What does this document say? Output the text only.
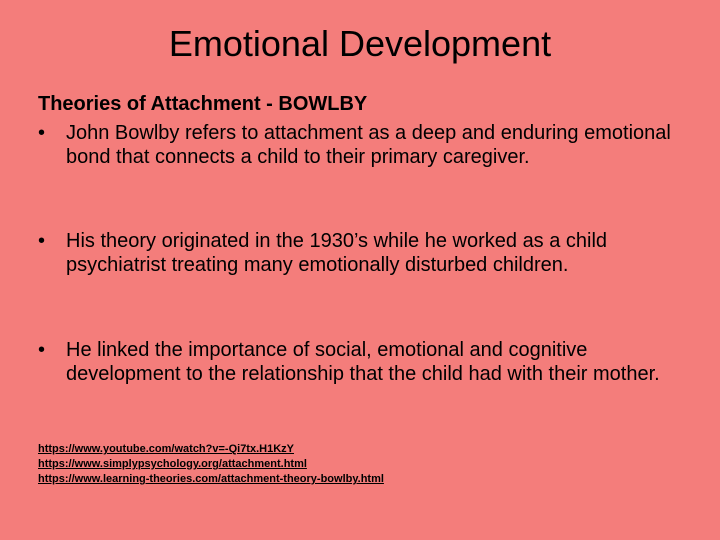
Emotional Development
Theories of Attachment - BOWLBY
• John Bowlby refers to attachment as a deep and enduring emotional bond that connects a child to their primary caregiver.
• His theory originated in the 1930’s while he worked as a child psychiatrist treating many emotionally disturbed children.
• He linked the importance of social, emotional and cognitive development to the relationship that the child had with their mother.
https://www.youtube.com/watch?v=-Qi7tx.H1KzY
https://www.simplypsychology.org/attachment.html
https://www.learning-theories.com/attachment-theory-bowlby.html
